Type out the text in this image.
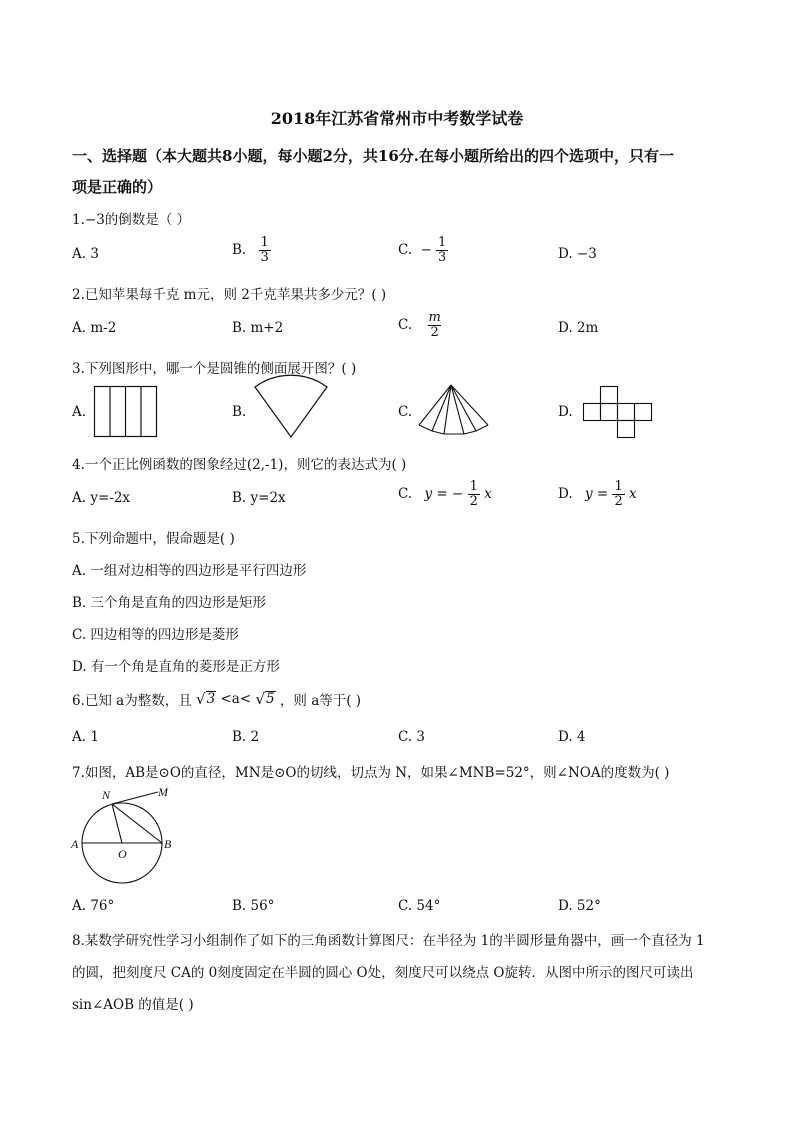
2018年江苏省常州市中考数学试卷
一、选择题（本大题共8小题，每小题2分，共16分.在每小题所给出的四个选项中，只有一
项是正确的）
1.−3的倒数是（ ）
A. 3	B. $\frac{1}{3}$	C. − $\frac{1}{3}$	D. −3
2.已知苹果每千克 m元，则 2千克苹果共多少元？( )
A. m-2	B. m+2	C. $\frac{m}{2}$	D. 2m
3.下列图形中，哪一个是圆锥的侧面展开图？( )
A.	B.	C.	D.
4.一个正比例函数的图象经过(2,-1)，则它的表达式为( )
A. y=-2x	B. y=2x	C. y = − $\frac{1}{2}$ x	D. $y = \frac{1}{2}$ x
5.下列命题中，假命题是( )
A. 一组对边相等的四边形是平行四边形
B. 三个角是直角的四边形是矩形
C. 四边相等的四边形是菱形
D. 有一个角是直角的菱形是正方形
6.已知 a为整数，且 √ 3 <a< √ 5 ，则 a等于( )
A. 1	B. 2	C. 3	D. 4
7.如图，AB是⊙O的直径，MN是⊙O的切线，切点为 N，如果∠MNB=52°，则∠NOA的度数为( )
N	M
A
O
B
A. 76°	B. 56°	C. 54°	D. 52°
8.某数学研究性学习小组制作了如下的三角函数计算图尺：在半径为 1的半圆形量角器中，画一个直径为 1
的圆，把刻度尺 CA的 0刻度固定在半圆的圆心 O处，刻度尺可以绕点 O旋转．从图中所示的图尺可读出
sin∠AOB 的值是( )
